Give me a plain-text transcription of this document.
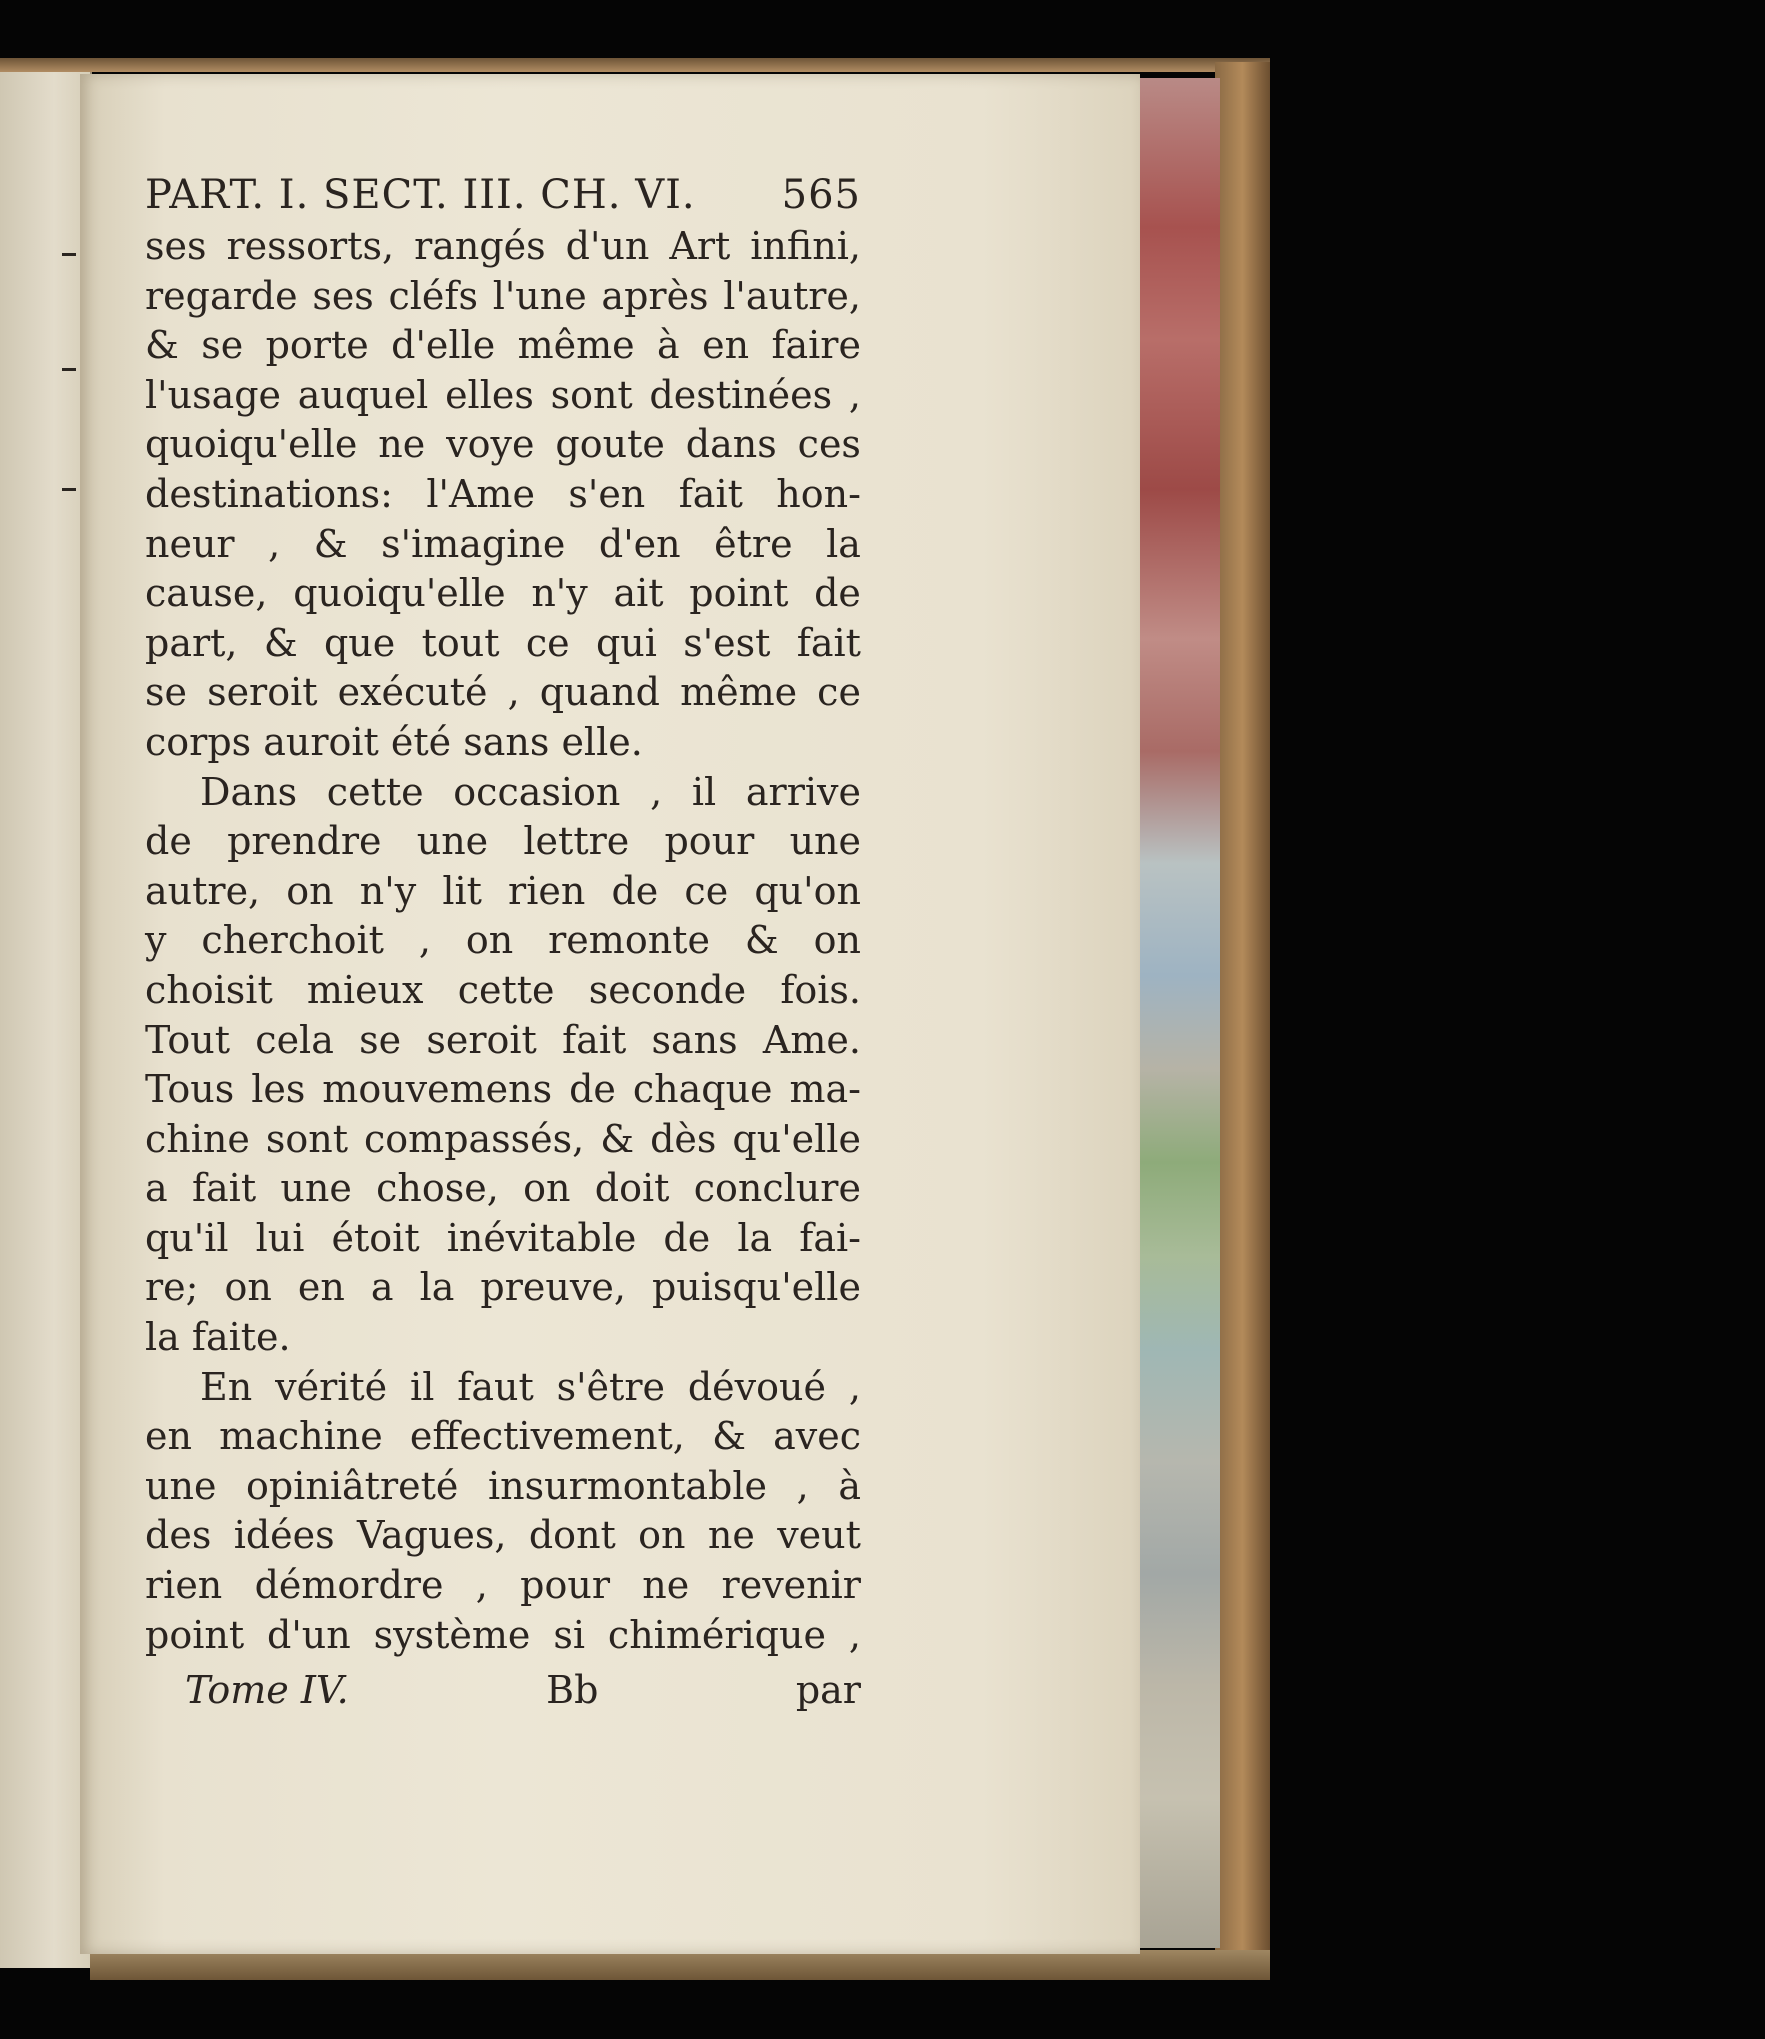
PART. I. SECT. III. CH. VI. 565
ses ressorts, rangés d'un Art infini,
regarde ses cléfs l'une après l'autre,
& se porte d'elle même à en faire
l'usage auquel elles sont destinées ,
quoiqu'elle ne voye goute dans ces
destinations: l'Ame s'en fait hon-
neur , & s'imagine d'en être la
cause, quoiqu'elle n'y ait point de
part, & que tout ce qui s'est fait
se seroit exécuté , quand même ce
corps auroit été sans elle.
Dans cette occasion , il arrive
de prendre une lettre pour une
autre, on n'y lit rien de ce qu'on
y cherchoit , on remonte & on
choisit mieux cette seconde fois.
Tout cela se seroit fait sans Ame.
Tous les mouvemens de chaque ma-
chine sont compassés, & dès qu'elle
a fait une chose, on doit conclure
qu'il lui étoit inévitable de la fai-
re; on en a la preuve, puisqu'elle
la faite.
En vérité il faut s'être dévoué ,
en machine effectivement, & avec
une opiniâtreté insurmontable , à
des idées Vagues, dont on ne veut
rien démordre , pour ne revenir
point d'un système si chimérique ,
Tome IV.	Bb	par
